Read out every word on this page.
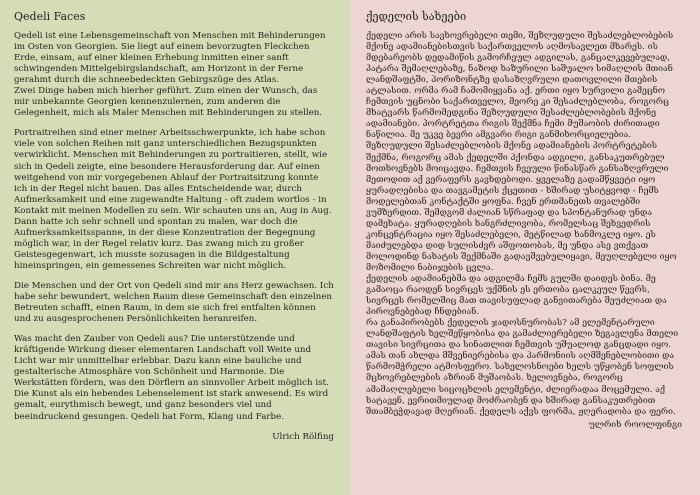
Qedeli Faces

Qedeli ist eine Lebensgemeinschaft von Menschen mit Behinderungen im Osten von Georgien. Sie liegt auf einem bevorzugten Fleckchen Erde, einsam, auf einer kleinen Erhebung inmitten einer sanft schwingenden Mittelgebirgslandschaft, am Horizont in der Ferne gerahmt durch die schneebedeckten Gebirgszüge des Atlas.
Zwei Dinge haben mich hierher geführt. Zum einen der Wunsch, das mir unbekannte Georgien kennenzulernen, zum anderen die Gelegenheit, mich als Maler Menschen mit Behinderungen zu stellen.

Portraitreihen sind einer meiner Arbeitsschwerpunkte, ich habe schon viele von solchen Reihen mit ganz unterschiedlichen Bezugspunkten verwirklicht. Menschen mit Behinderungen zu portraitieren, stellt, wie sich in Qedeli zeigte, eine besondere Herausforderung dar. Auf einen weitgehend von mir vorgegebenen Ablauf der Portraitsitzung konnte ich in der Regel nicht bauen. Das alles Entscheidende war, durch Aufmerksamkeit und eine zugewandte Haltung - oft zudem wortlos - in Kontakt mit meinen Modellen zu sein. Wir schauten uns an, Aug in Aug. Dann hatte ich sehr schnell und spontan zu malen, war doch die Aufmerksamkeitsspanne, in der diese Konzentration der Begegnung möglich war, in der Regel relativ kurz. Das zwang mich zu großer Geistesgegenwart, ich musste sozusagen in die Bildgestaltung hineinspringen, ein gemessenes Schreiten war nicht möglich.

Die Menschen und der Ort von Qedeli sind mir ans Herz gewachsen. Ich habe sehr bewundert, welchen Raum diese Gemeinschaft den einzelnen Betreuten schafft, einen Raum, in dem sie sich frei entfalten können und zu ausgesprochenen Persönlichkeiten heranreifen.

Was macht den Zauber von Qedeli aus? Die unterstützende und kräftigende Wirkung dieser elementaren Landschaft voll Weite und Licht war mir unmittelbar erlebbar. Dazu kann eine bauliche und gestalterische Atmosphäre von Schönheit und Harmonie. Die Werkstätten fördern, was den Dörflern an sinnvoller Arbeit möglich ist. Die Kunst als ein hebendes Lebenselement ist stark anwesend. Es wird gemalt, eurythmisch bewegt, und ganz besonders viel und beeindruckend gesungen. Qedeli hat Form, Klang und Farbe.

Ulrich Rölfing

ქედელის სახეები

ქედელი არის სავხოვრებელი თემი, შეზღუდული შესაძლებლობების მქონე ადამიანებისთვის საქართველოს აღმოსავლეთ მხარეს. ის მდებარეობს დედამიწის გამორჩეულ ადგილას, განცალკევებულად, პატარა შემაღლებაზე, ნაზოდ ხაზურილი საშუალო სიმაღლის მთიან ლანდშაფტში, ჰორიზონტზე დასაზღვრული დათოვლილი მთების ატლასით. ორმა რამ ჩამომიყვანა აქ. ერთი იყო სურვილი გამეცნო ჩემთვის უცნობი საქართველო, მეორე კი შესაძლებლობა, როგორც მხატვარს წარმომედგინა შეზღუდული შესაძლებლობების მქონე ადამიანები. პორტრეტთა რიგის შექმნა ჩემი მუშაობის ძირითადი ნაწილია. მე უკვე ბევრი ამგვარი რიგი განმიხორციელებია. შეზღუდული შესაძლებლობის მქონე ადამიანების პორტრეტების შექმნა, როგორც ამას ქედელში ჰქონდა ადგილი, განსაკუთრებულ მოთხოვნებს მოიცავდა. ჩემთვის ჩვეული წინასწარ განსაზღვრული მეთოდით აქ ვერაფერს გავხდებოდი. ყველაზე გადამწყვეტი იყო ყურადღებისა და თავგამეტის ქცეთით - ხშირად უსიტყვოდ - ჩემს მოდელებთან კონტაქტში ყოფნა. ჩვენ ერთმანეთს თვალებში ვუმზერდით. შემდგომ ძალიან სწრაფად და სპონტანურად უნდა დამეხატა. ყურადღების ხანგრძლივობა, რომელსაც შეხვედრის კონცენტრაცია იყო შესაძლებელი, მეტწილად ხანმოკლე იყო. ეს მაიძულებდა დიდ სულისძვრ აშფოთობას, მე უნდა ასე ვთქვათ მოლოდინდ ნახატის შექმნაში გადავშვებულიყავი, მეუღლებელი იყო მოზომილი ნაბიჯების ცვლა.

ქედელის ადამიანებმა და ადგილმა ჩემს გულში დაიდეს ბინა. მე გამაოცა რაოდენ სივრცეს უქმნის ეს ერთობა ცალკეულ წევრს, სივრცეს რომელშიც მათ თავისუფლად განვითარება შეუძლიათ და პიროვნებებად ჩნდებიან.

რა განაპირობებს ქედელის ჯადოსნურობას? ამ ელემენტარული ლანდშაფტის ხელშეწყობისა და გამაძლიერებელი ზეგავლენა მთელი თავისი სივრცითა და სინათლით ჩემთვის უშუალოდ განცდადი იყო. ამას თან ახლდა მშვენიერებისა და ჰარმონიის აღმშენებლობითი და წარმომჭრელი ატმოსფერო. სახელოსნოები ხელს უწყობენ სოფლის მცხოვრებლების აზრიან მუშაობას. ხელოვნება, როგორც ამამაღლებელი სიცოცხლის ელემენტი, ძლიერადაა მოცემული. აქ ხატავენ, ევრითმიულად მოძრაობენ და ხშირად განსაკუთრებით შთამბეჭდავად მღერიან. ქედელს აქვს ფორმა, ჟღერადობა და ფერი.

ულრიხ როოლფინგი
